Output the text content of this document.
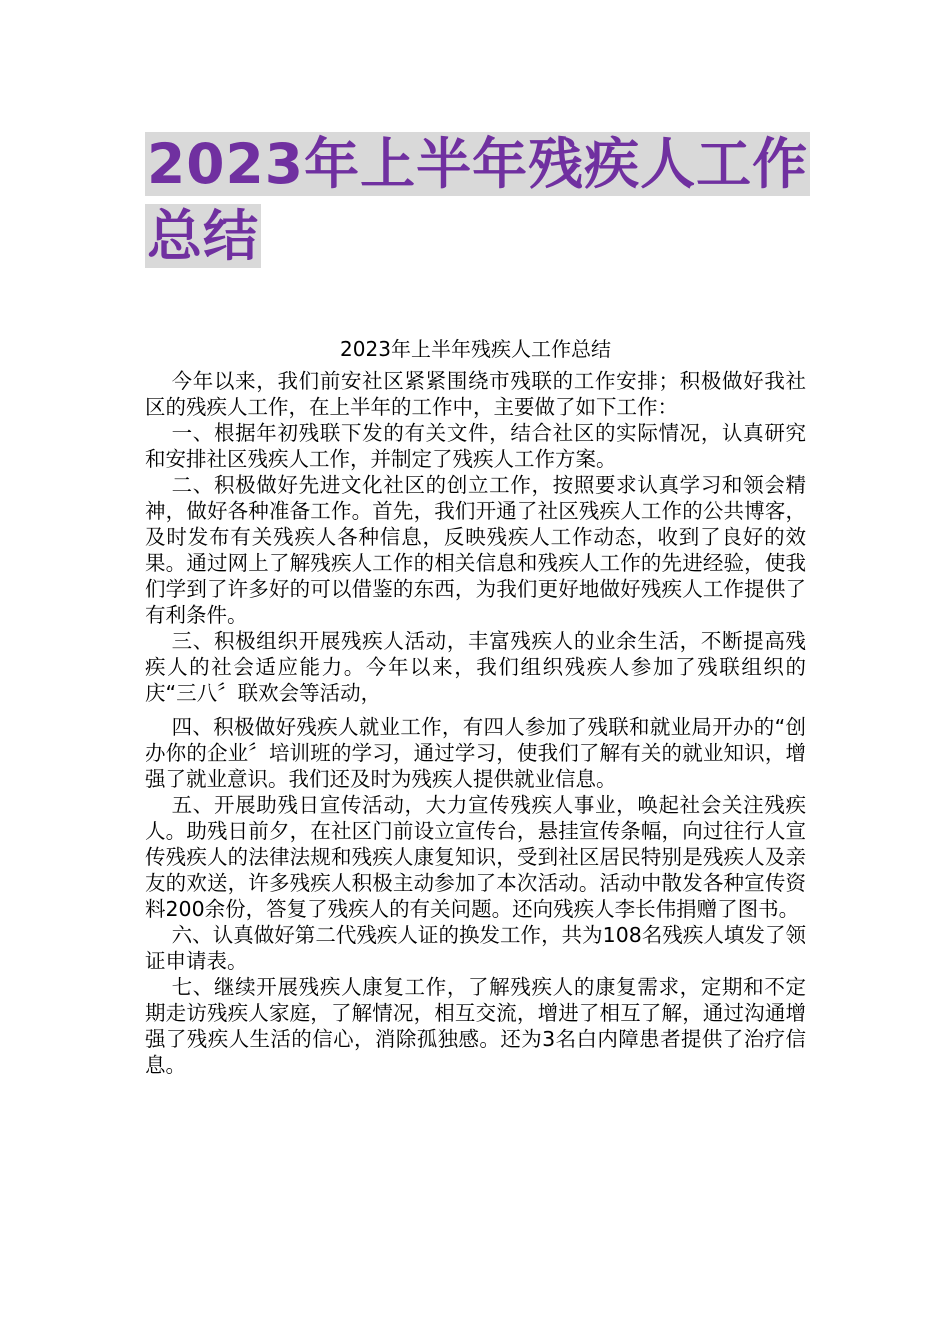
2023年上半年残疾人工作总结

2023年上半年残疾人工作总结

今年以来，我们前安社区紧紧围绕市残联的工作安排；积极做好我社区的残疾人工作，在上半年的工作中，主要做了如下工作：

一、根据年初残联下发的有关文件，结合社区的实际情况，认真研究和安排社区残疾人工作，并制定了残疾人工作方案。

二、积极做好先进文化社区的创立工作，按照要求认真学习和领会精神，做好各种准备工作。首先，我们开通了社区残疾人工作的公共博客，及时发布有关残疾人各种信息，反映残疾人工作动态，收到了良好的效果。通过网上了解残疾人工作的相关信息和残疾人工作的先进经验，使我们学到了许多好的可以借鉴的东西，为我们更好地做好残疾人工作提供了有利条件。

三、积极组织开展残疾人活动，丰富残疾人的业余生活，不断提高残疾人的社会适应能力。今年以来，我们组织残疾人参加了残联组织的庆“三八〞联欢会等活动，

四、积极做好残疾人就业工作，有四人参加了残联和就业局开办的“创办你的企业〞培训班的学习，通过学习，使我们了解有关的就业知识，增强了就业意识。我们还及时为残疾人提供就业信息。

五、开展助残日宣传活动，大力宣传残疾人事业，唤起社会关注残疾人。助残日前夕，在社区门前设立宣传台，悬挂宣传条幅，向过往行人宣传残疾人的法律法规和残疾人康复知识，受到社区居民特别是残疾人及亲友的欢送，许多残疾人积极主动参加了本次活动。活动中散发各种宣传资料200余份，答复了残疾人的有关问题。还向残疾人李长伟捐赠了图书。

六、认真做好第二代残疾人证的换发工作，共为108名残疾人填发了领证申请表。

七、继续开展残疾人康复工作，了解残疾人的康复需求，定期和不定期走访残疾人家庭，了解情况，相互交流，增进了相互了解，通过沟通增强了残疾人生活的信心，消除孤独感。还为3名白内障患者提供了治疗信息。
